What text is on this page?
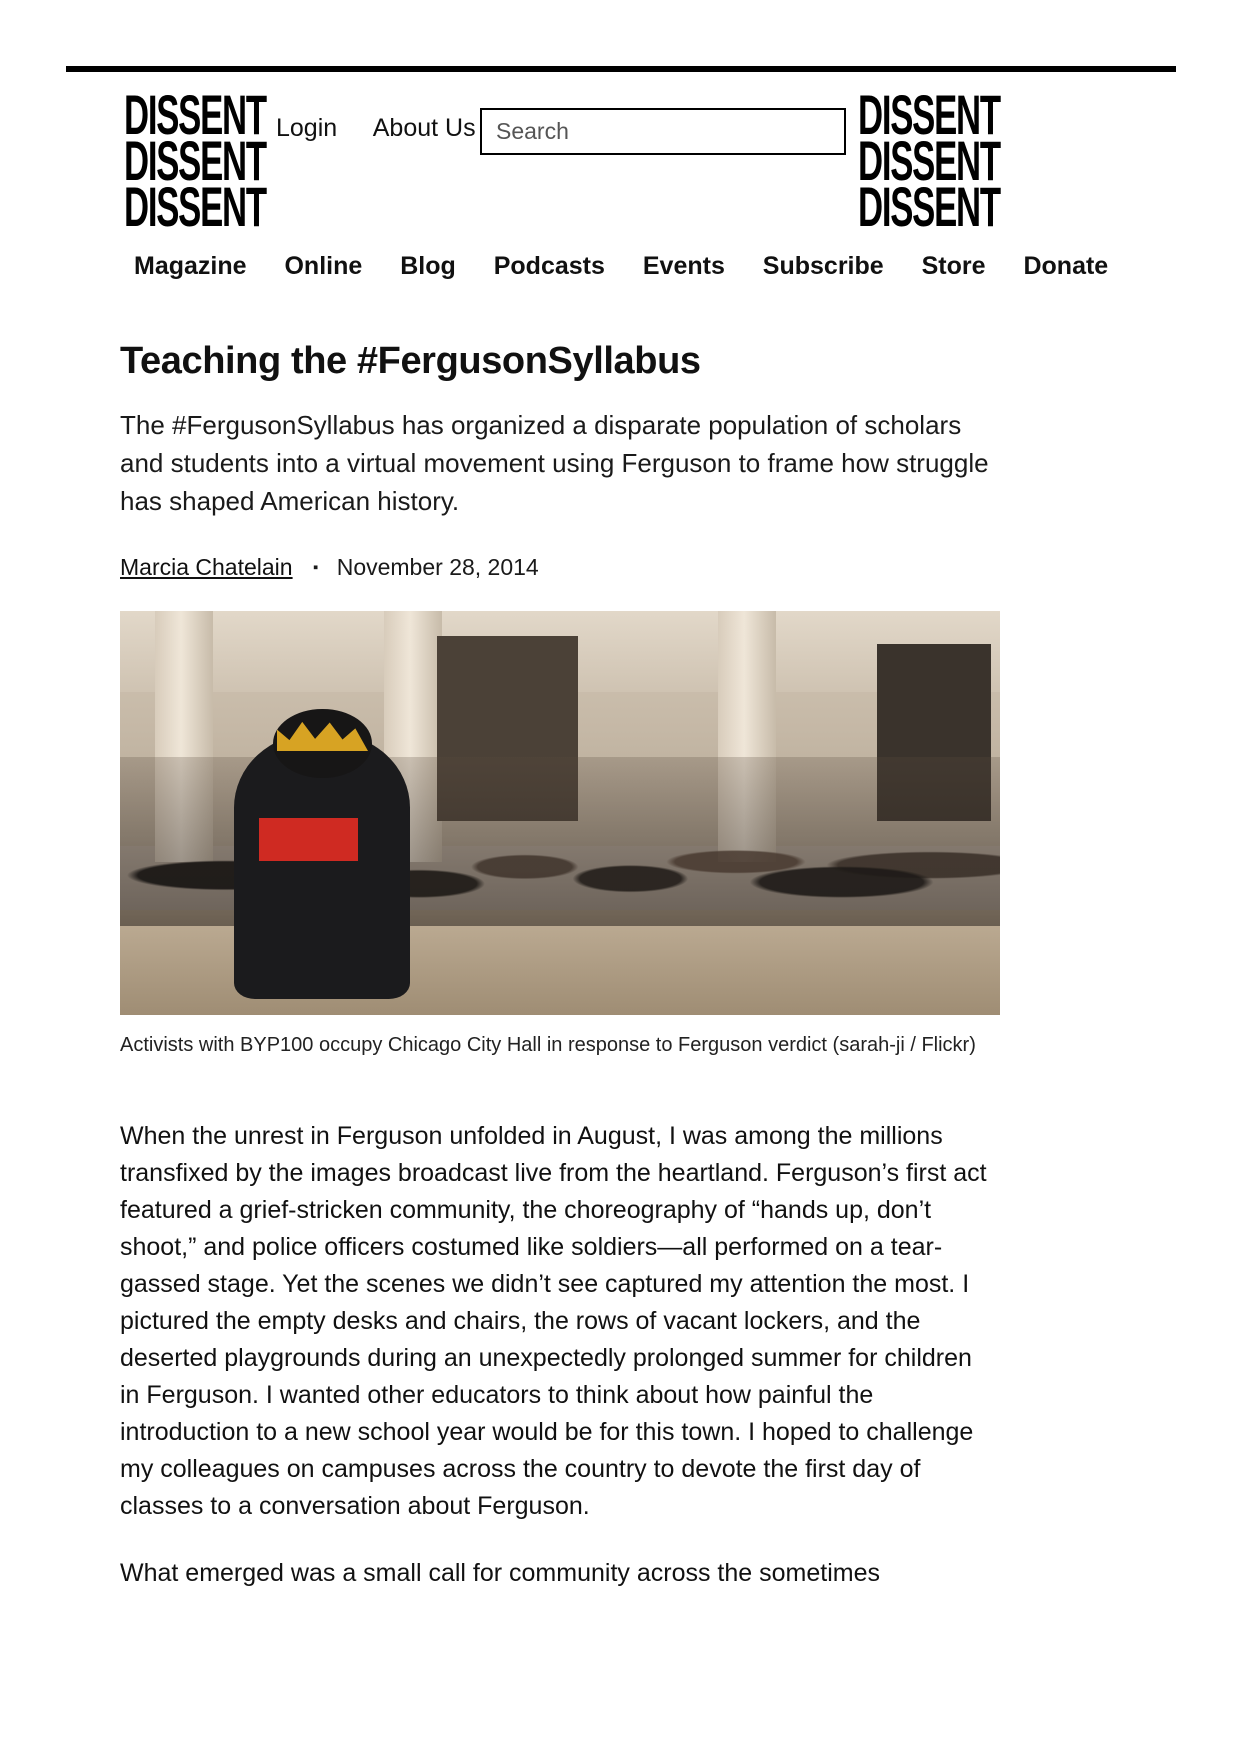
DISSENT
DISSENT
DISSENT
Login About Us
Search	DISSENT
DISSENT
DISSENT
Magazine Online Blog Podcasts Events Subscribe Store Donate
Teaching the #FergusonSyllabus

The #FergusonSyllabus has organized a disparate population of scholars and students into a virtual movement using Ferguson to frame how struggle has shaped American history.

Marcia Chatelain ▪ November 28, 2014
Activists with BYP100 occupy Chicago City Hall in response to Ferguson verdict (sarah-ji / Flickr)

When the unrest in Ferguson unfolded in August, I was among the millions transfixed by the images broadcast live from the heartland. Ferguson’s first act featured a grief-stricken community, the choreography of “hands up, don’t shoot,” and police officers costumed like soldiers—all performed on a tear-gassed stage. Yet the scenes we didn’t see captured my attention the most. I pictured the empty desks and chairs, the rows of vacant lockers, and the deserted playgrounds during an unexpectedly prolonged summer for children in Ferguson. I wanted other educators to think about how painful the introduction to a new school year would be for this town. I hoped to challenge my colleagues on campuses across the country to devote the first day of classes to a conversation about Ferguson.

What emerged was a small call for community across the sometimes
